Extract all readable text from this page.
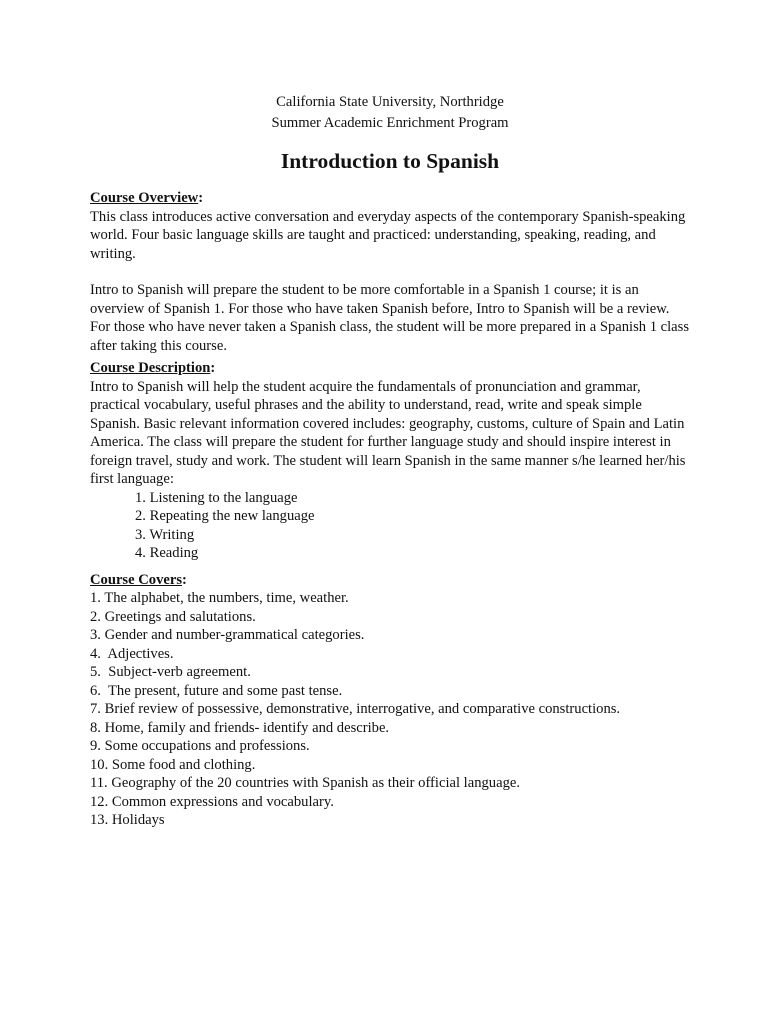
California State University, Northridge

Summer Academic Enrichment Program

Introduction to Spanish

Course Overview:

This class introduces active conversation and everyday aspects of the contemporary Spanish-speaking world. Four basic language skills are taught and practiced: understanding, speaking, reading, and writing.

Intro to Spanish will prepare the student to be more comfortable in a Spanish 1 course; it is an overview of Spanish 1. For those who have taken Spanish before, Intro to Spanish will be a review. For those who have never taken a Spanish class, the student will be more prepared in a Spanish 1 class after taking this course.

Course Description:

Intro to Spanish will help the student acquire the fundamentals of pronunciation and grammar, practical vocabulary, useful phrases and the ability to understand, read, write and speak simple Spanish. Basic relevant information covered includes: geography, customs, culture of Spain and Latin America. The class will prepare the student for further language study and should inspire interest in foreign travel, study and work. The student will learn Spanish in the same manner s/he learned her/his first language:

1. Listening to the language
2. Repeating the new language
3. Writing
4. Reading

Course Covers:

1. The alphabet, the numbers, time, weather.
2. Greetings and salutations.
3. Gender and number-grammatical categories.
4.  Adjectives.
5.  Subject-verb agreement.
6.  The present, future and some past tense.
7. Brief review of possessive, demonstrative, interrogative, and comparative constructions.
8. Home, family and friends- identify and describe.
9. Some occupations and professions.
10. Some food and clothing.
11. Geography of the 20 countries with Spanish as their official language.
12. Common expressions and vocabulary.
13. Holidays
